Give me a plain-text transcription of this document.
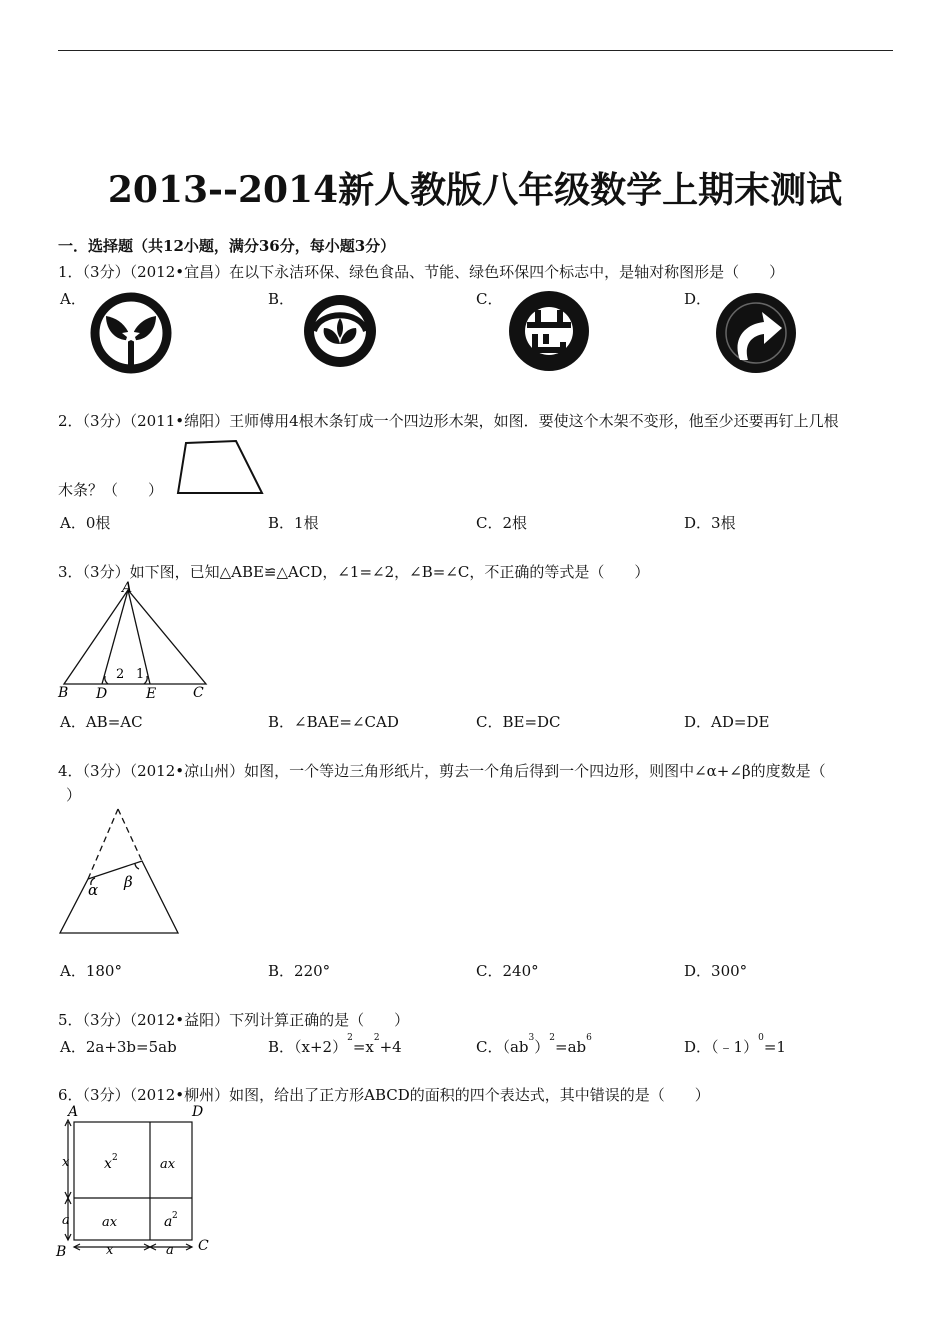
2013--2014新人教版八年级数学上期末测试
一．选择题（共12小题，满分36分，每小题3分）
1．（3分）（2012•宜昌）在以下永洁环保、绿色食品、节能、绿色环保四个标志中，是轴对称图形是（　　）
A．	B．	C．	D．
2．（3分）（2011•绵阳）王师傅用4根木条钉成一个四边形木架，如图．要使这个木架不变形，他至少还要再钉上几根
木条？（　　）
A．0根	B．1根	C．2根	D．3根
3．（3分）如下图，已知△ABE≌△ACD，∠1=∠2，∠B=∠C，不正确的等式是（　　）
A
B D	E	C
2 1
A．AB=AC	B．∠BAE=∠CAD	C．BE=DC	D．AD=DE
4．（3分）（2012•凉山州）如图，一个等边三角形纸片，剪去一个角后得到一个四边形，则图中∠α+∠β的度数是（
）
α β
A．180°	B．220°	C．240°	D．300°
5．（3分）（2012•益阳）下列计算正确的是（　　）
A．2a+3b=5ab	B．$(x+2)^2=x^2+4$	C．$(ab^3)^2=ab^6$	D．（﹣1）$^0$=1
6．（3分）（2012•柳州）如图，给出了正方形ABCD的面积的四个表达式，其中错误的是（　　）
A	D
B	C
x 2	ax
ax	a 2
x
a
x	a
